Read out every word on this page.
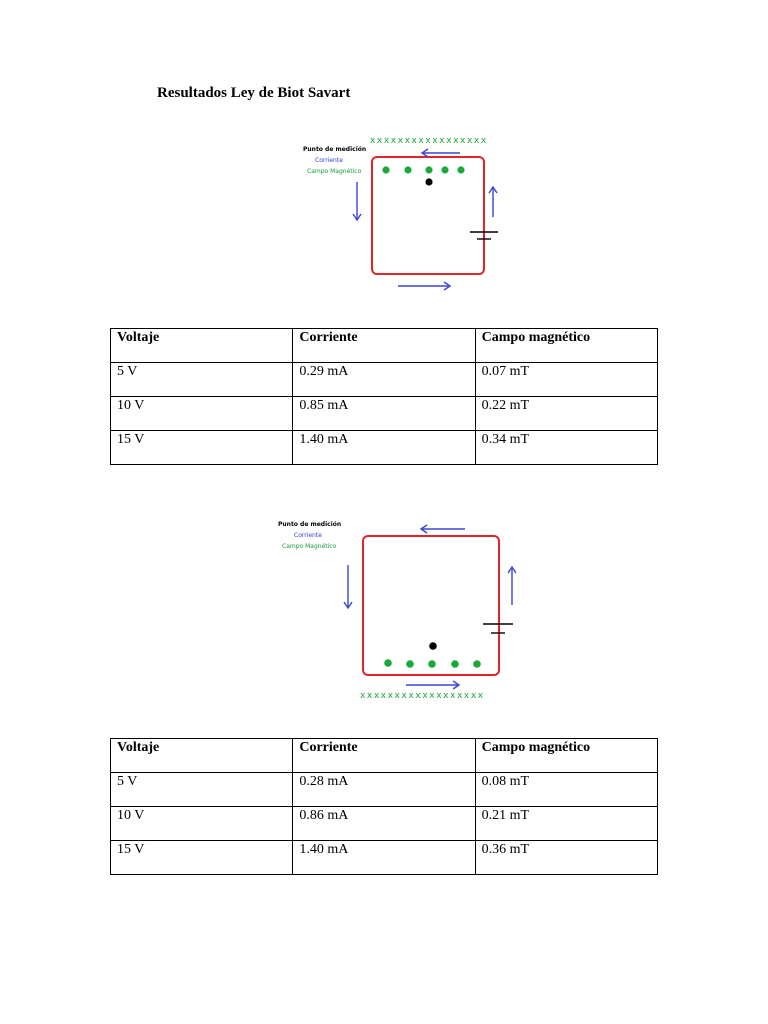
Resultados Ley de Biot Savart
Punto de medición
Corriente
Campo Magnético
xxxxxxxxxxxxxxxxx
Voltaje	Corriente	Campo magnético
5 V	0.29 mA	0.07 mT
10 V	0.85 mA	0.22 mT
15 V	1.40 mA	0.34 mT
Punto de medición
Corriente
Campo Magnético
xxxxxxxxxxxxxxxxxx
Voltaje	Corriente	Campo magnético
5 V	0.28 mA	0.08 mT
10 V	0.86 mA	0.21 mT
15 V	1.40 mA	0.36 mT
